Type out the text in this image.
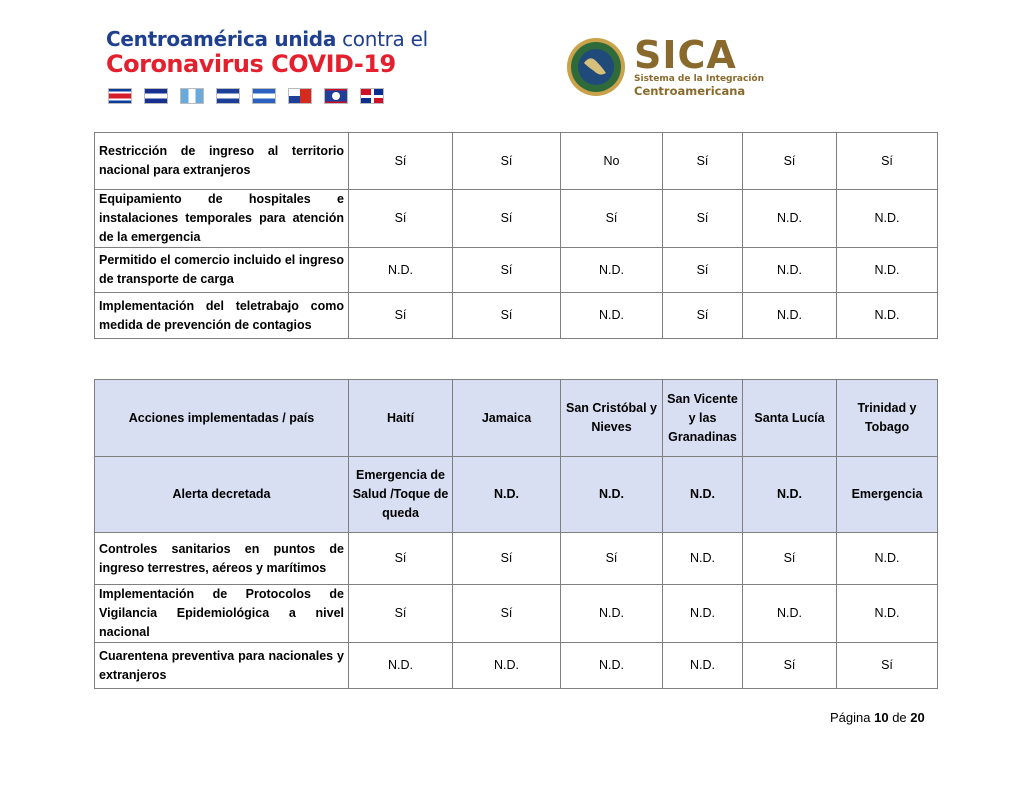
Centroamérica unida contra el
Coronavirus COVID-19	SICA
Sistema de la Integración
Centroamericana
Restricción de ingreso al territorio nacional para extranjeros	Sí	Sí	No	Sí	Sí	Sí
Equipamiento de hospitales e instalaciones temporales para atención de la emergencia	Sí	Sí	Sí	Sí	N.D.	N.D.
Permitido el comercio incluido el ingreso de transporte de carga	N.D.	Sí	N.D.	Sí	N.D.	N.D.
Implementación del teletrabajo como medida de prevención de contagios	Sí	Sí	N.D.	Sí	N.D.	N.D.
Acciones implementadas / país	Haití	Jamaica	San Cristóbal y Nieves	San Vicente y las Granadinas	Santa Lucía	Trinidad y Tobago
Alerta decretada	Emergencia de Salud /Toque de queda	N.D.	N.D.	N.D.	N.D.	Emergencia
Controles sanitarios en puntos de ingreso terrestres, aéreos y marítimos	Sí	Sí	Sí	N.D.	Sí	N.D.
Implementación de Protocolos de Vigilancia Epidemiológica a nivel nacional	Sí	Sí	N.D.	N.D.	N.D.	N.D.
Cuarentena preventiva para nacionales y extranjeros	N.D.	N.D.	N.D.	N.D.	Sí	Sí
Página 10 de 20
